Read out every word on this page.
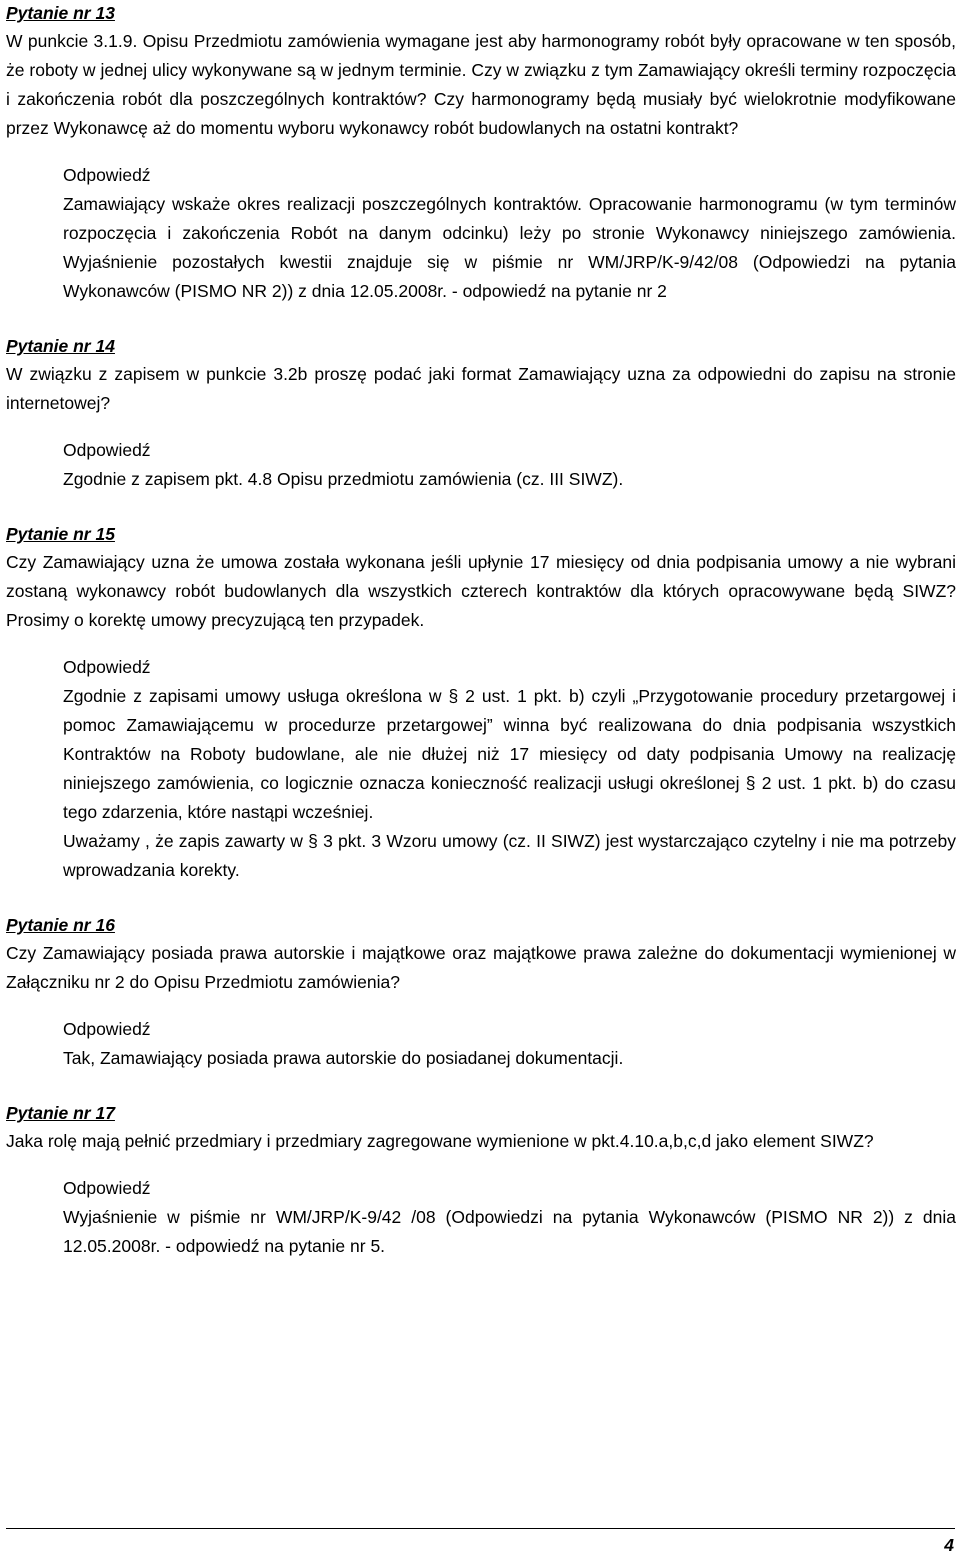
Pytanie nr 13

W punkcie 3.1.9. Opisu Przedmiotu zamówienia wymagane jest aby harmonogramy robót były opracowane w ten sposób, że roboty w jednej ulicy wykonywane są w jednym terminie. Czy w związku z tym Zamawiający określi terminy rozpoczęcia i zakończenia robót dla poszczególnych kontraktów? Czy harmonogramy będą musiały być wielokrotnie modyfikowane przez Wykonawcę aż do momentu wyboru wykonawcy robót budowlanych na ostatni kontrakt?

Odpowiedź

Zamawiający wskaże okres realizacji poszczególnych kontraktów. Opracowanie harmonogramu (w tym terminów rozpoczęcia i zakończenia Robót na danym odcinku) leży po stronie Wykonawcy niniejszego zamówienia. Wyjaśnienie pozostałych kwestii znajduje się w piśmie nr WM/JRP/K-9/42/08 (Odpowiedzi na pytania Wykonawców (PISMO NR 2)) z dnia 12.05.2008r. - odpowiedź na pytanie nr 2

Pytanie nr 14

W związku z zapisem w punkcie 3.2b proszę podać jaki format Zamawiający uzna za odpowiedni do zapisu na stronie internetowej?

Odpowiedź

Zgodnie z zapisem pkt. 4.8 Opisu przedmiotu zamówienia (cz. III SIWZ).

Pytanie nr 15

Czy Zamawiający uzna że umowa została wykonana jeśli upłynie 17 miesięcy od dnia podpisania umowy a nie wybrani zostaną wykonawcy robót budowlanych dla wszystkich czterech kontraktów dla których opracowywane będą SIWZ? Prosimy o korektę umowy precyzującą ten przypadek.

Odpowiedź

Zgodnie z zapisami umowy usługa określona w § 2 ust. 1 pkt. b) czyli „Przygotowanie procedury przetargowej i pomoc Zamawiającemu w procedurze przetargowej” winna być realizowana do dnia podpisania wszystkich Kontraktów na Roboty budowlane, ale nie dłużej niż 17 miesięcy od daty podpisania Umowy na realizację niniejszego zamówienia, co logicznie oznacza konieczność realizacji usługi określonej § 2 ust. 1 pkt. b) do czasu tego zdarzenia, które nastąpi wcześniej.

Uważamy , że zapis zawarty w § 3 pkt. 3 Wzoru umowy (cz. II SIWZ) jest wystarczająco czytelny i nie ma potrzeby wprowadzania korekty.

Pytanie nr 16

Czy Zamawiający posiada prawa autorskie i majątkowe oraz majątkowe prawa zależne do dokumentacji wymienionej w Załączniku nr 2 do Opisu Przedmiotu zamówienia?

Odpowiedź

Tak, Zamawiający posiada prawa autorskie do posiadanej dokumentacji.

Pytanie nr 17

Jaka rolę mają pełnić przedmiary i przedmiary zagregowane wymienione w pkt.4.10.a,b,c,d jako element SIWZ?

Odpowiedź

Wyjaśnienie w piśmie nr WM/JRP/K-9/42 /08 (Odpowiedzi na pytania Wykonawców (PISMO NR 2)) z dnia 12.05.2008r. - odpowiedź na pytanie nr 5.

4
